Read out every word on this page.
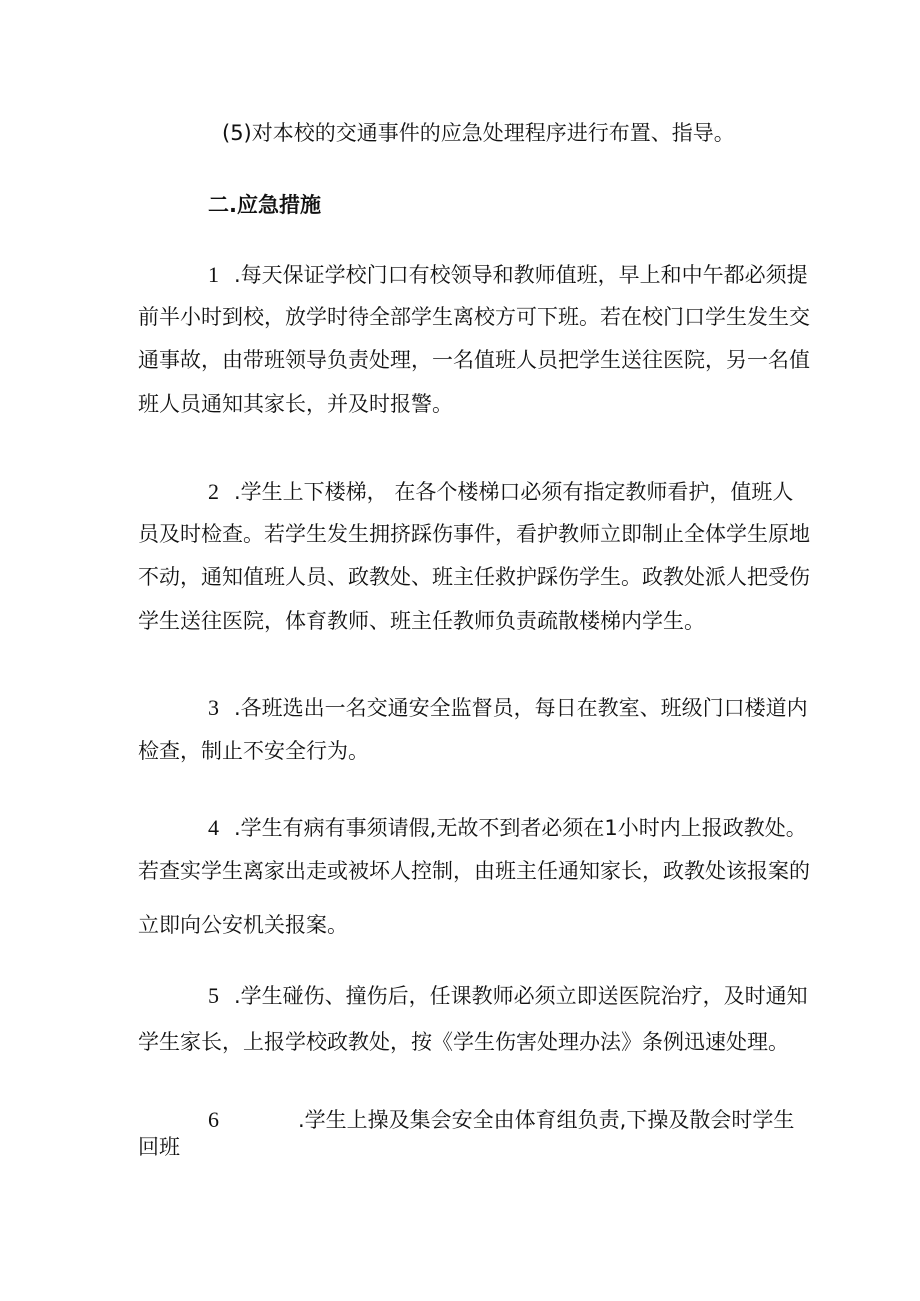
(5)对本校的交通事件的应急处理程序进行布置、指导。
二.应急措施
1 .每天保证学校门口有校领导和教师值班，早上和中午都必须提
前半小时到校，放学时待全部学生离校方可下班。若在校门口学生发生交
通事故，由带班领导负责处理，一名值班人员把学生送往医院，另一名值
班人员通知其家长，并及时报警。
2 .学生上下楼梯， 在各个楼梯口必须有指定教师看护，值班人
员及时检查。若学生发生拥挤踩伤事件，看护教师立即制止全体学生原地
不动，通知值班人员、政教处、班主任救护踩伤学生。政教处派人把受伤
学生送往医院，体育教师、班主任教师负责疏散楼梯内学生。
3 .各班选出一名交通安全监督员，每日在教室、班级门口楼道内
检查，制止不安全行为。
4 .学生有病有事须请假,无故不到者必须在1小时内上报政教处。
若查实学生离家出走或被坏人控制，由班主任通知家长，政教处该报案的
立即向公安机关报案。
5 .学生碰伤、撞伤后，任课教师必须立即送医院治疗，及时通知
学生家长，上报学校政教处，按《学生伤害处理办法》条例迅速处理。
6	.学生上操及集会安全由体育组负责,下操及散会时学生
回班
